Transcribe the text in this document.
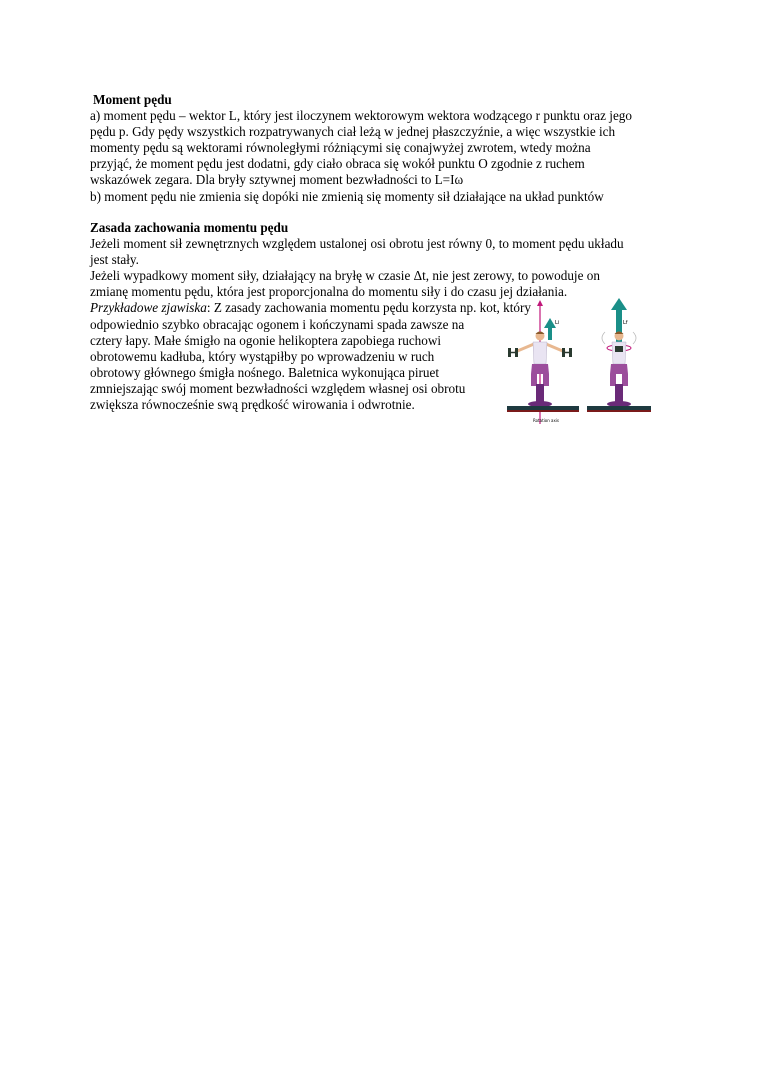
Moment pędu
a) moment pędu – wektor L, który jest iloczynem wektorowym wektora wodzącego r punktu oraz jego
pędu p. Gdy pędy wszystkich rozpatrywanych ciał leżą w jednej płaszczyźnie, a więc wszystkie ich
momenty pędu są wektorami równoległymi różniącymi się conajwyżej zwrotem, wtedy można
przyjąć, że moment pędu jest dodatni, gdy ciało obraca się wokół punktu O zgodnie z ruchem
wskazówek zegara. Dla bryły sztywnej moment bezwładności to L=Iω
b) moment pędu nie zmienia się dopóki nie zmienią się momenty sił działające na układ punktów
Zasada zachowania momentu pędu
Jeżeli moment sił zewnętrznych względem ustalonej osi obrotu jest równy 0, to moment pędu układu
jest stały.
Jeżeli wypadkowy moment siły, działający na bryłę w czasie Δt, nie jest zerowy, to powoduje on
zmianę momentu pędu, która jest proporcjonalna do momentu siły i do czasu jej działania.
Przykładowe zjawiska: Z zasady zachowania momentu pędu korzysta np. kot, który
odpowiednio szybko obracając ogonem i kończynami spada zawsze na
cztery łapy. Małe śmigło na ogonie helikoptera zapobiega ruchowi
obrotowemu kadłuba, który wystąpiłby po wprowadzeniu w ruch
obrotowy głównego śmigła nośnego. Baletnica wykonująca piruet
zmniejszając swój moment bezwładności względem własnej osi obrotu
zwiększa równocześnie swą prędkość wirowania i odwrotnie.
Li
Rotation axis
Lf
